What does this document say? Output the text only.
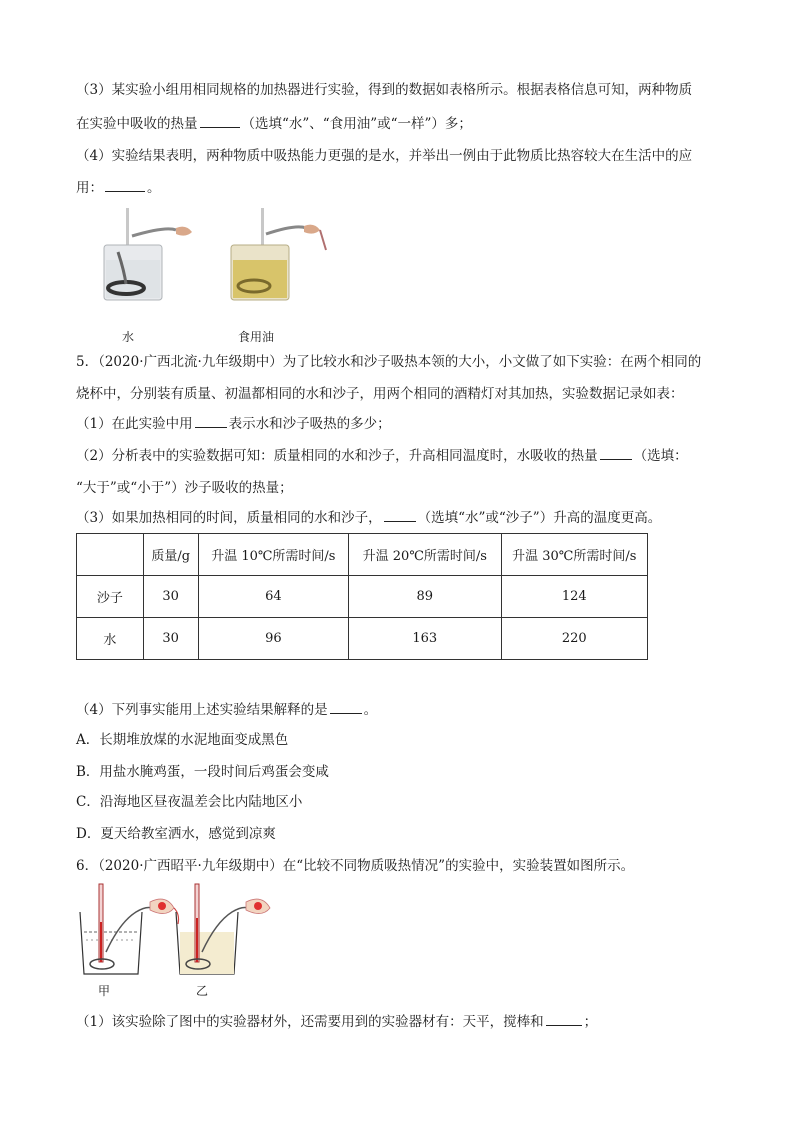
（3）某实验小组用相同规格的加热器进行实验，得到的数据如表格所示。根据表格信息可知，两种物质
在实验中吸收的热量	（选填“水”、“食用油”或“一样”）多；
（4）实验结果表明，两种物质中吸热能力更强的是水，并举出一例由于此物质比热容较大在生活中的应
用：	。
水	食用油
5．（2020·广西北流·九年级期中）为了比较水和沙子吸热本领的大小，小文做了如下实验：在两个相同的
烧杯中，分别装有质量、初温都相同的水和沙子，用两个相同的酒精灯对其加热，实验数据记录如表：
（1）在此实验中用	表示水和沙子吸热的多少；
（2）分析表中的实验数据可知：质量相同的水和沙子，升高相同温度时，水吸收的热量	（选填：
“大于”或“小于”）沙子吸收的热量；
（3）如果加热相同的时间，质量相同的水和沙子，	（选填“水”或“沙子”）升高的温度更高。
	质量/g	升温 10℃所需时间/s	升温 20℃所需时间/s	升温 30℃所需时间/s
沙子	30	64	89	124
水	30	96	163	220
（4）下列事实能用上述实验结果解释的是	。
A．长期堆放煤的水泥地面变成黑色
B．用盐水腌鸡蛋，一段时间后鸡蛋会变咸
C．沿海地区昼夜温差会比内陆地区小
D．夏天给教室洒水，感觉到凉爽
6．（2020·广西昭平·九年级期中）在“比较不同物质吸热情况”的实验中，实验装置如图所示。
甲	乙
（1）该实验除了图中的实验器材外，还需要用到的实验器材有：天平，搅棒和	；
